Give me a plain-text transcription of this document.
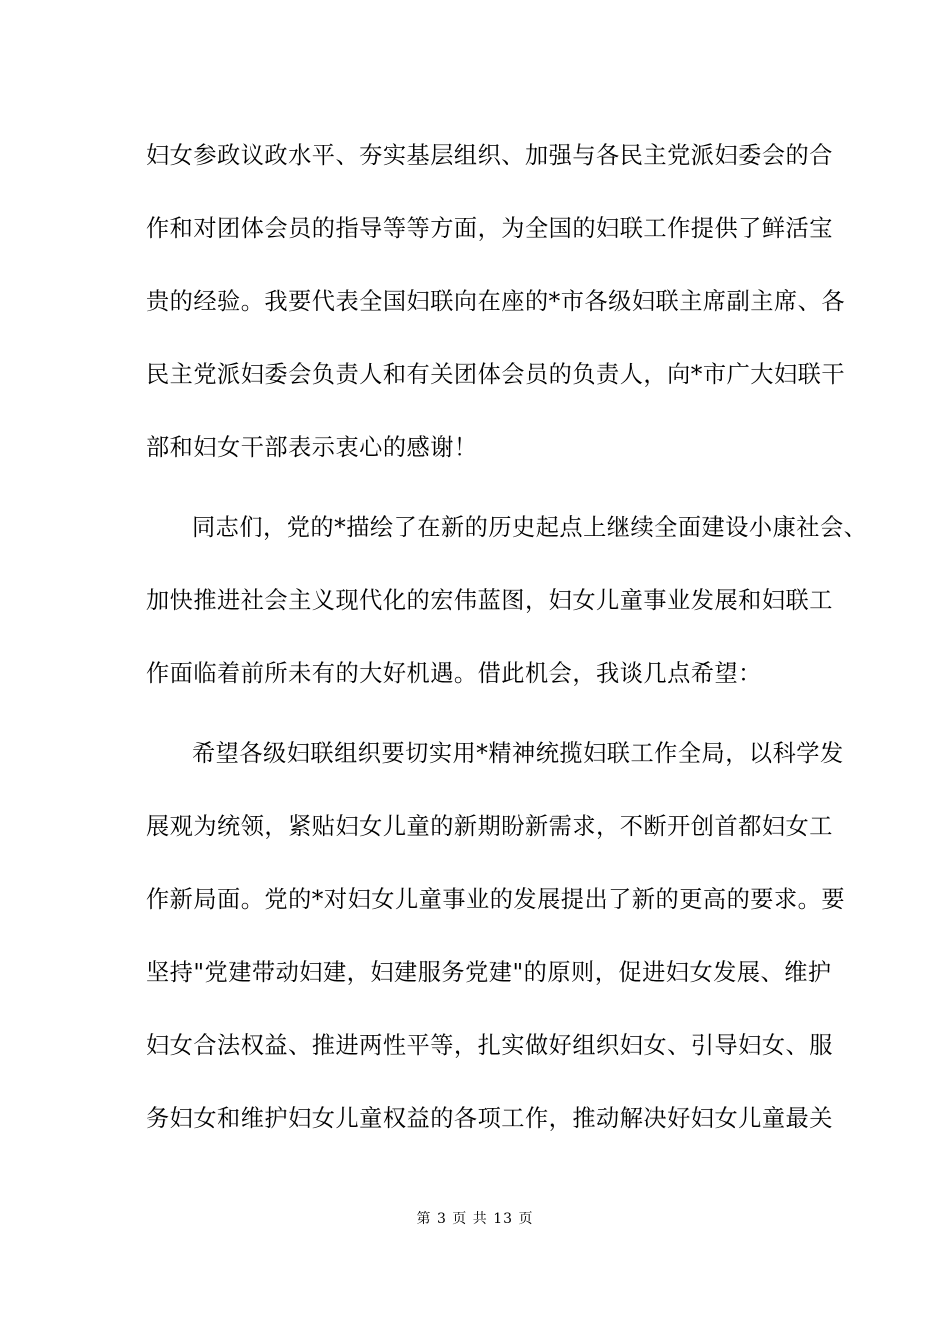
妇女参政议政水平、夯实基层组织、加强与各民主党派妇委会的合
作和对团体会员的指导等等方面，为全国的妇联工作提供了鲜活宝
贵的经验。我要代表全国妇联向在座的*市各级妇联主席副主席、各
民主党派妇委会负责人和有关团体会员的负责人，向*市广大妇联干
部和妇女干部表示衷心的感谢！
同志们，党的*描绘了在新的历史起点上继续全面建设小康社会、
加快推进社会主义现代化的宏伟蓝图，妇女儿童事业发展和妇联工
作面临着前所未有的大好机遇。借此机会，我谈几点希望：
希望各级妇联组织要切实用*精神统揽妇联工作全局，以科学发
展观为统领，紧贴妇女儿童的新期盼新需求，不断开创首都妇女工
作新局面。党的*对妇女儿童事业的发展提出了新的更高的要求。要
坚持"党建带动妇建，妇建服务党建"的原则，促进妇女发展、维护
妇女合法权益、推进两性平等，扎实做好组织妇女、引导妇女、服
务妇女和维护妇女儿童权益的各项工作，推动解决好妇女儿童最关
第 3 页 共 13 页
